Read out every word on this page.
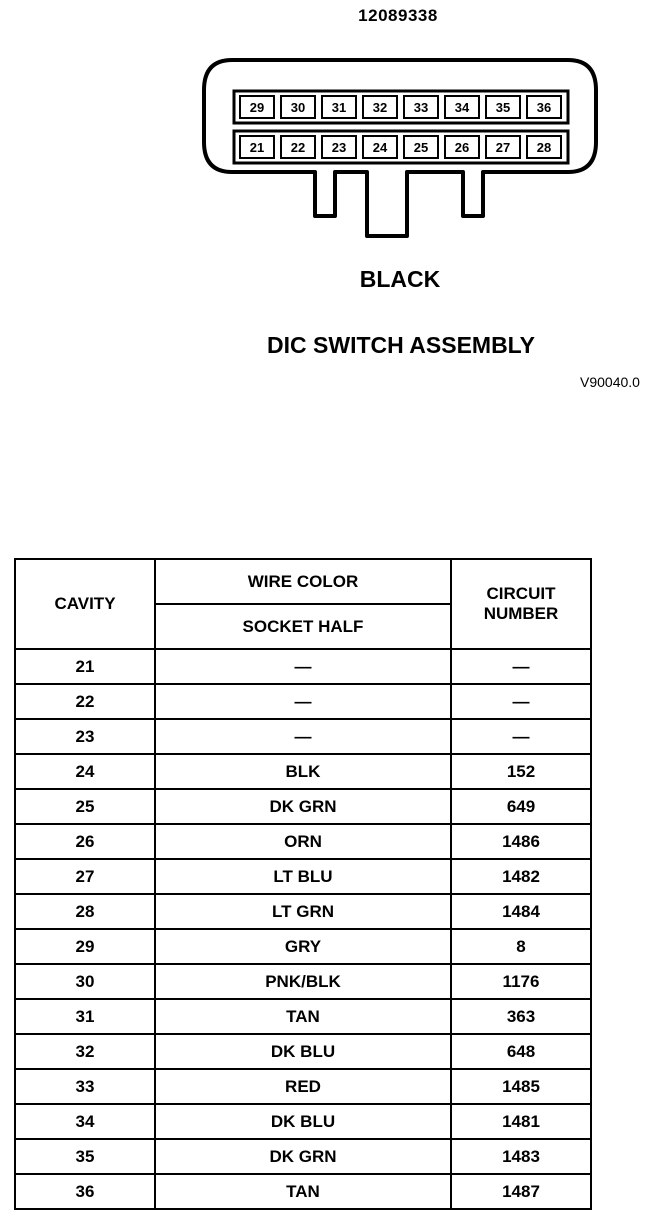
12089338
29 30 31 32 33 34 35 36
21 22 23 24 25 26 27 28
BLACK
DIC SWITCH ASSEMBLY
V90040.0
CAVITY	WIRE COLOR	CIRCUIT
NUMBER
	SOCKET HALF	
21	—	—
22	—	—
23	—	—
24	BLK	152
25	DK GRN	649
26	ORN	1486
27	LT BLU	1482
28	LT GRN	1484
29	GRY	8
30	PNK/BLK	1176
31	TAN	363
32	DK BLU	648
33	RED	1485
34	DK BLU	1481
35	DK GRN	1483
36	TAN	1487
